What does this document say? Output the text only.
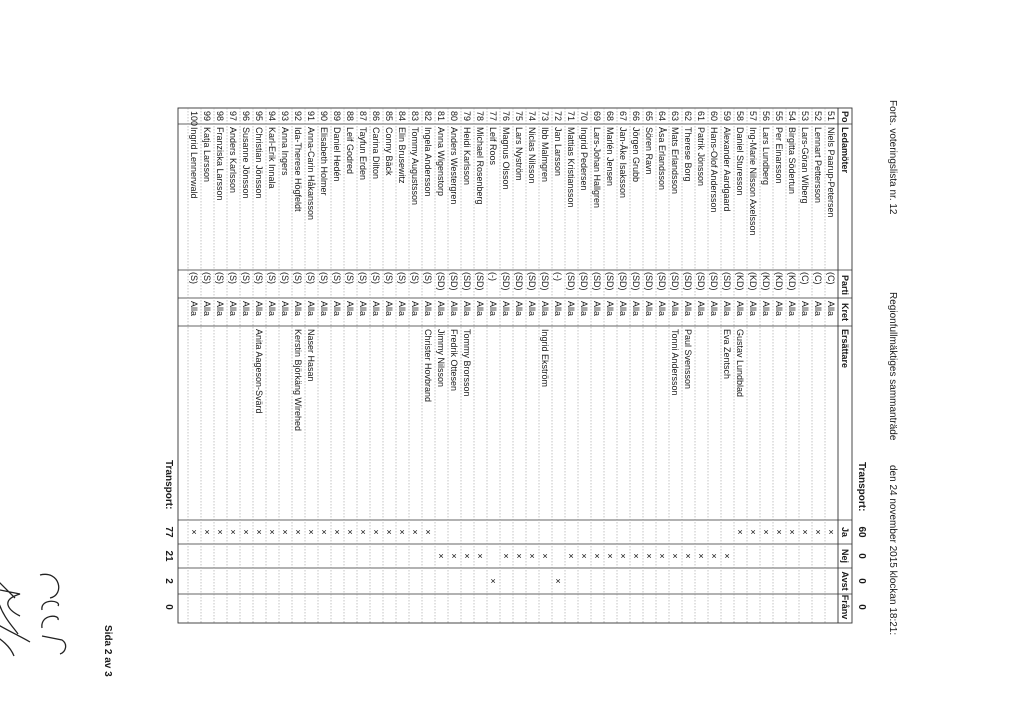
Forts. voteringslista nr. 12
Regionfullmäktiges sammanträde
den 24 november 2015 klockan 18:21:
Transport:
60
0
0
0
Po
Ledamöter
Parti
Kret
Ersättare
Ja
Nej
Avst
Frånv
51
Niels Paarup-Petersen
(C)
Alla
×
52
Lennart Pettersson
(C)
Alla
×
53
Lars-Göran Wiberg
(C)
Alla
×
54
Birgitta Södertun
(KD)
Alla
×
55
Per Einarsson
(KD)
Alla
×
56
Lars Lundberg
(KD)
Alla
×
57
Ing-Marie Nilsson Axelsson
(KD)
Alla
×
58
Daniel Sturesson
(KD)
Alla
Gustav Lundblad
×
59
Alexander Aardgaard
(SD)
Alla
Eva Zentsch
×
60
Hans-Olof Andersson
(SD)
Alla
×
61
Patrik Jönsson
(SD)
Alla
×
62
Therese Borg
(SD)
Alla
Paul Svensson
×
63
Mats Erlandsson
(SD)
Alla
Tonni Andersson
×
64
Åsa Erlandsson
(SD)
Alla
×
65
Sören Ravn
(SD)
Alla
×
66
Jörgen Grubb
(SD)
Alla
×
67
Jan-Åke Isaksson
(SD)
Alla
×
68
Marlén Jensen
(SD)
Alla
×
69
Lars-Johan Hallgren
(SD)
Alla
×
70
Ingrid Pedersen
(SD)
Alla
×
71
Mattias Kristiansson
(SD)
Alla
×
72
Jan Larsson
(-)
Alla
×
73
Ibb Malmgren
(SD)
Alla
Ingrid Ekström
×
74
Niclas Nilsson
(SD)
Alla
×
75
Lars Nyström
(SD)
Alla
×
76
Magnus Olsson
(SD)
Alla
×
77
Leif Roos
(-)
Alla
×
78
Michael Rosenberg
(SD)
Alla
×
79
Heidi Karlsson
(SD)
Alla
Tommy Brorsson
×
80
Anders Westergren
(SD)
Alla
Fredrik Ottesen
×
81
Anna Wigenstorp
(SD)
Alla
Jimmy Nilsson
×
82
Ingela Andersson
(S)
Alla
Christer Hovbrand
×
83
Tommy Augustsson
(S)
Alla
×
84
Elin Brusewitz
(S)
Alla
×
85
Conny Bäck
(S)
Alla
×
86
Carina Dilton
(S)
Alla
×
87
Tayfun Erden
(S)
Alla
×
88
Leif Godred
(S)
Alla
×
89
Daniel Hedén
(S)
Alla
×
90
Elisabeth Holmer
(S)
Alla
×
91
Anna-Carin Håkansson
(S)
Alla
Naser Hasan
×
92
Ida-Therese Högfeldt
(S)
Alla
Kerstin Björkäng Wirehed
×
93
Anna Ingers
(S)
Alla
×
94
Karl-Erik Innala
(S)
Alla
×
95
Christian Jönsson
(S)
Alla
Anita Aageson-Svärd
×
96
Susanne Jönsson
(S)
Alla
×
97
Anders Karlsson
(S)
Alla
×
98
Franziska Larsson
(S)
Alla
×
99
Katja Larsson
(S)
Alla
×
100
Ingrid Lennerwald
(S)
Alla
×
Transport:
77
21
2
0
Sida 2 av 3
